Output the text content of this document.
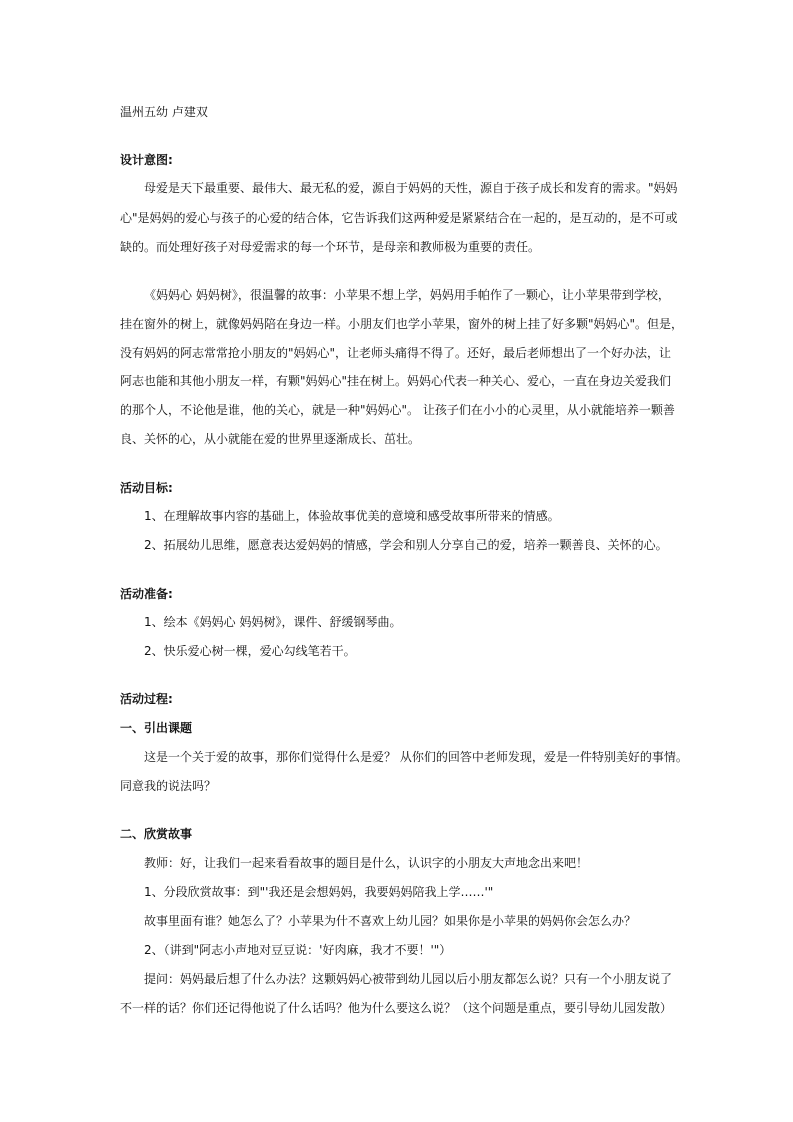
温州五幼 卢建双
设计意图:
母爱是天下最重要、最伟大、最无私的爱，源自于妈妈的天性，源自于孩子成长和发育的需求。"妈妈
心"是妈妈的爱心与孩子的心爱的结合体，它告诉我们这两种爱是紧紧结合在一起的，是互动的，是不可或
缺的。而处理好孩子对母爱需求的每一个环节，是母亲和教师极为重要的责任。
《妈妈心 妈妈树》，很温馨的故事：小苹果不想上学，妈妈用手帕作了一颗心，让小苹果带到学校，
挂在窗外的树上，就像妈妈陪在身边一样。小朋友们也学小苹果，窗外的树上挂了好多颗"妈妈心"。但是，
没有妈妈的阿志常常抢小朋友的"妈妈心"，让老师头痛得不得了。还好，最后老师想出了一个好办法，让
阿志也能和其他小朋友一样，有颗"妈妈心"挂在树上。妈妈心代表一种关心、爱心，一直在身边关爱我们
的那个人，不论他是谁，他的关心，就是一种"妈妈心"。 让孩子们在小小的心灵里，从小就能培养一颗善
良、关怀的心，从小就能在爱的世界里逐渐成长、茁壮。
活动目标:
1、在理解故事内容的基础上，体验故事优美的意境和感受故事所带来的情感。
2、拓展幼儿思维，愿意表达爱妈妈的情感，学会和别人分享自己的爱，培养一颗善良、关怀的心。
活动准备:
1、绘本《妈妈心 妈妈树》，课件、舒缓钢琴曲。
2、快乐爱心树一棵，爱心勾线笔若干。
活动过程:
一、引出课题
这是一个关于爱的故事，那你们觉得什么是爱？ 从你们的回答中老师发现，爱是一件特别美好的事情。
同意我的说法吗？
二、欣赏故事
教师：好，让我们一起来看看故事的题目是什么，认识字的小朋友大声地念出来吧！
1、分段欣赏故事：到"'我还是会想妈妈，我要妈妈陪我上学……'"
故事里面有谁？她怎么了？小苹果为什不喜欢上幼儿园？如果你是小苹果的妈妈你会怎么办？
2、（讲到"阿志小声地对豆豆说：'好肉麻，我才不要！'"）
提问：妈妈最后想了什么办法？这颗妈妈心被带到幼儿园以后小朋友都怎么说？只有一个小朋友说了
不一样的话？你们还记得他说了什么话吗？他为什么要这么说？（这个问题是重点，要引导幼儿园发散）
